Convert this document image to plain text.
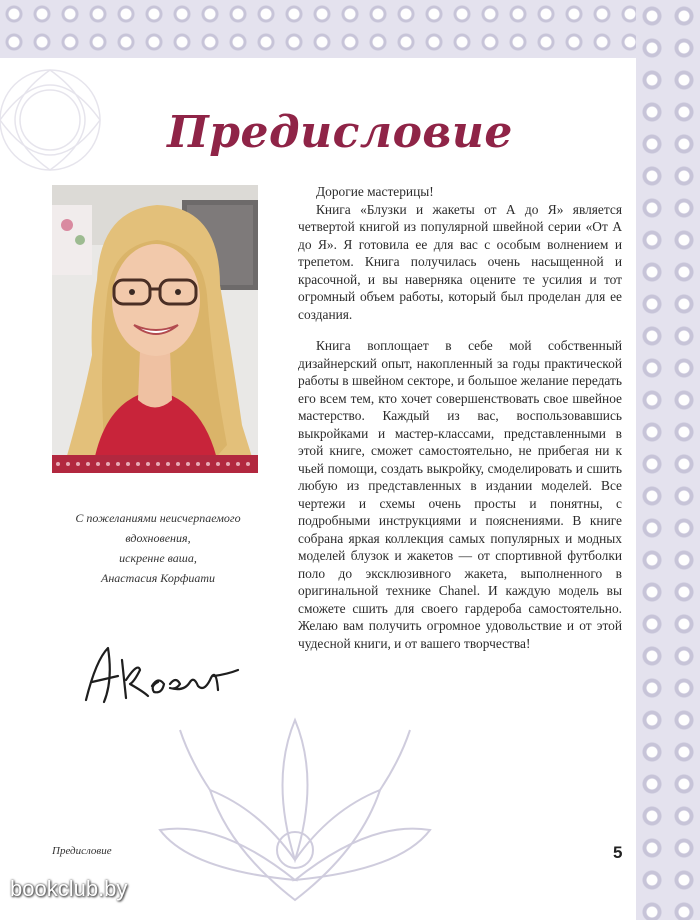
Предисловие
С пожеланиями неисчерпаемого
вдохновения,
искренне ваша,
Анастасия Корфиати

Дорогие мастерицы!

Книга «Блузки и жакеты от А до Я» является четвертой книгой из популярной швейной серии «От А до Я». Я готовила ее для вас с особым волнением и трепетом. Книга получилась очень насыщенной и красочной, и вы наверняка оцените те усилия и тот огромный объем работы, который был проделан для ее создания.

Книга воплощает в себе мой собственный дизайнерский опыт, накопленный за годы практической работы в швейном секторе, и большое желание передать его всем тем, кто хочет совершенствовать свое швейное мастерство. Каждый из вас, воспользовавшись выкройками и мастер-классами, представленными в этой книге, сможет самостоятельно, не прибегая ни к чьей помощи, создать выкройку, смоделировать и сшить любую из представленных в издании моделей. Все чертежи и схемы очень просты и понятны, с подробными инструкциями и пояснениями. В книге собрана яркая коллекция самых популярных и модных моделей блузок и жакетов — от спортивной футболки поло до эксклюзивного жакета, выполненного в оригинальной технике Chanel. И каждую модель вы сможете сшить для своего гардероба самостоятельно. Желаю вам получить огромное удовольствие и от этой чудесной книги, и от вашего творчества!

Предисловие	5
bookclub.by
